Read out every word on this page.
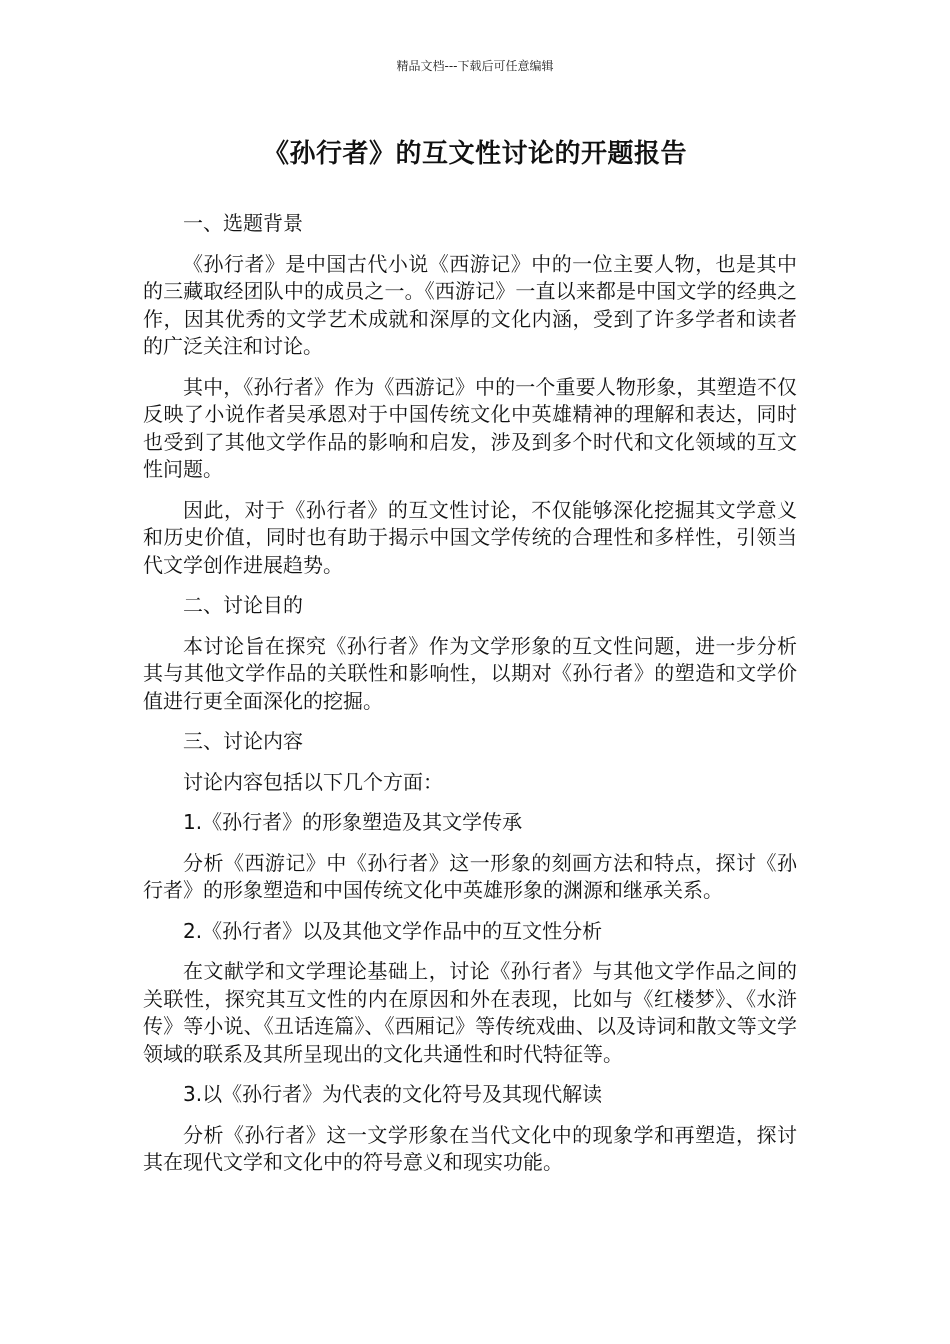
精品文档---下载后可任意编辑
《孙行者》的互文性讨论的开题报告

一、选题背景

《孙行者》是中国古代小说《西游记》中的一位主要人物，也是其中的三藏取经团队中的成员之一。《西游记》一直以来都是中国文学的经典之作，因其优秀的文学艺术成就和深厚的文化内涵，受到了许多学者和读者的广泛关注和讨论。

其中，《孙行者》作为《西游记》中的一个重要人物形象，其塑造不仅反映了小说作者吴承恩对于中国传统文化中英雄精神的理解和表达，同时也受到了其他文学作品的影响和启发，涉及到多个时代和文化领域的互文性问题。

因此，对于《孙行者》的互文性讨论，不仅能够深化挖掘其文学意义和历史价值，同时也有助于揭示中国文学传统的合理性和多样性，引领当代文学创作进展趋势。

二、讨论目的

本讨论旨在探究《孙行者》作为文学形象的互文性问题，进一步分析其与其他文学作品的关联性和影响性，以期对《孙行者》的塑造和文学价值进行更全面深化的挖掘。

三、讨论内容

讨论内容包括以下几个方面：

1.《孙行者》的形象塑造及其文学传承

分析《西游记》中《孙行者》这一形象的刻画方法和特点，探讨《孙行者》的形象塑造和中国传统文化中英雄形象的渊源和继承关系。

2.《孙行者》以及其他文学作品中的互文性分析

在文献学和文学理论基础上，讨论《孙行者》与其他文学作品之间的关联性，探究其互文性的内在原因和外在表现，比如与《红楼梦》、《水浒传》等小说、《丑话连篇》、《西厢记》等传统戏曲、以及诗词和散文等文学领域的联系及其所呈现出的文化共通性和时代特征等。

3.以《孙行者》为代表的文化符号及其现代解读

分析《孙行者》这一文学形象在当代文化中的现象学和再塑造，探讨其在现代文学和文化中的符号意义和现实功能。
